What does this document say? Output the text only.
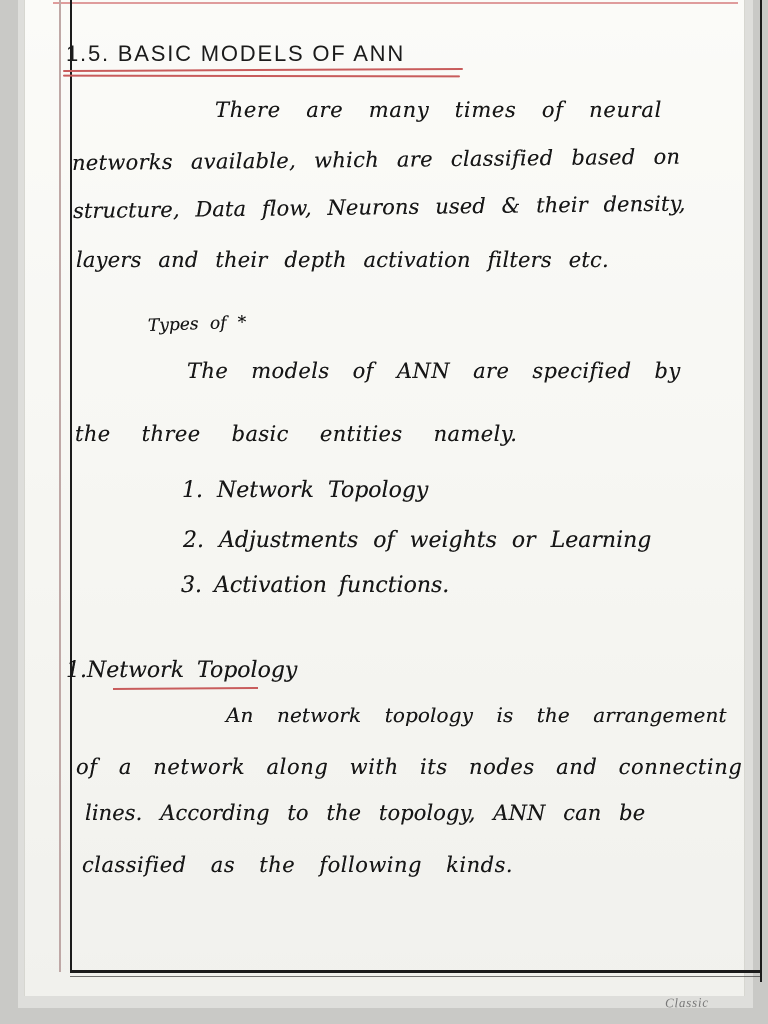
1.5. BASIC MODELS OF ANN

There are many times of neural

networks available, which are classified based on

structure, Data flow, Neurons used & their density,

layers and their depth activation filters etc.

Types of *

The models of ANN are specified by

the three basic entities namely.

1. Network Topology

2. Adjustments of weights or Learning

3. Activation functions.

1.Network Topology

An network topology is the arrangement

of a network along with its nodes and connecting

lines. According to the topology, ANN can be

classified as the following kinds.

Classic
